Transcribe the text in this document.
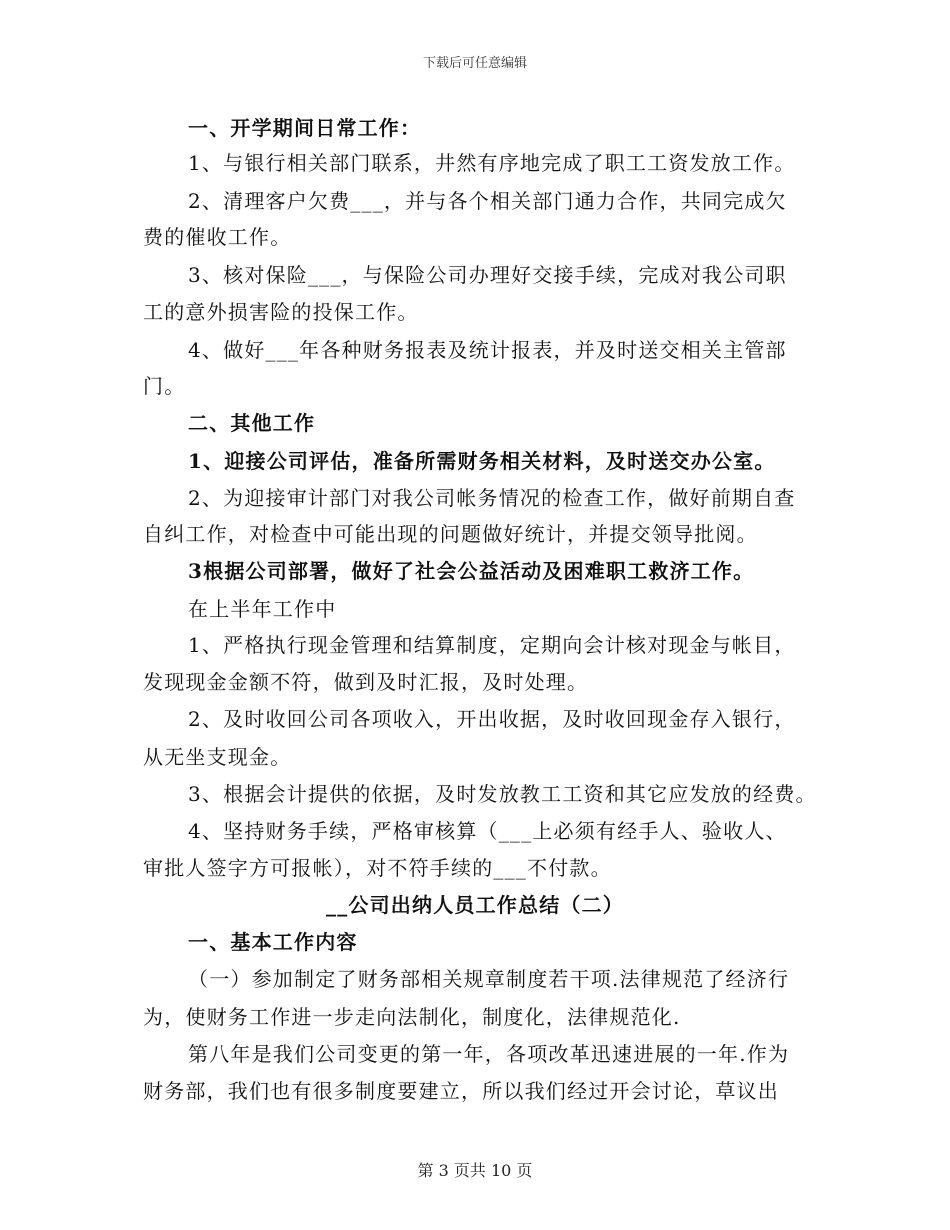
下载后可任意编辑
一、开学期间日常工作：
1、与银行相关部门联系，井然有序地完成了职工工资发放工作。
2、清理客户欠费___，并与各个相关部门通力合作，共同完成欠
费的催收工作。
3、核对保险___，与保险公司办理好交接手续，完成对我公司职
工的意外损害险的投保工作。
4、做好___年各种财务报表及统计报表，并及时送交相关主管部
门。
二、其他工作
1、迎接公司评估，准备所需财务相关材料，及时送交办公室。
2、为迎接审计部门对我公司帐务情况的检查工作，做好前期自查
自纠工作，对检查中可能出现的问题做好统计，并提交领导批阅。
3根据公司部署，做好了社会公益活动及困难职工救济工作。
在上半年工作中
1、严格执行现金管理和结算制度，定期向会计核对现金与帐目，
发现现金金额不符，做到及时汇报，及时处理。
2、及时收回公司各项收入，开出收据，及时收回现金存入银行，
从无坐支现金。
3、根据会计提供的依据，及时发放教工工资和其它应发放的经费。
4、坚持财务手续，严格审核算（___上必须有经手人、验收人、
审批人签字方可报帐），对不符手续的___不付款。
__公司出纳人员工作总结（二）
一、基本工作内容
（一）参加制定了财务部相关规章制度若干项.法律规范了经济行
为，使财务工作进一步走向法制化，制度化，法律规范化.
第八年是我们公司变更的第一年，各项改革迅速进展的一年.作为
财务部，我们也有很多制度要建立，所以我们经过开会讨论，草议出
第 3 页共 10 页
